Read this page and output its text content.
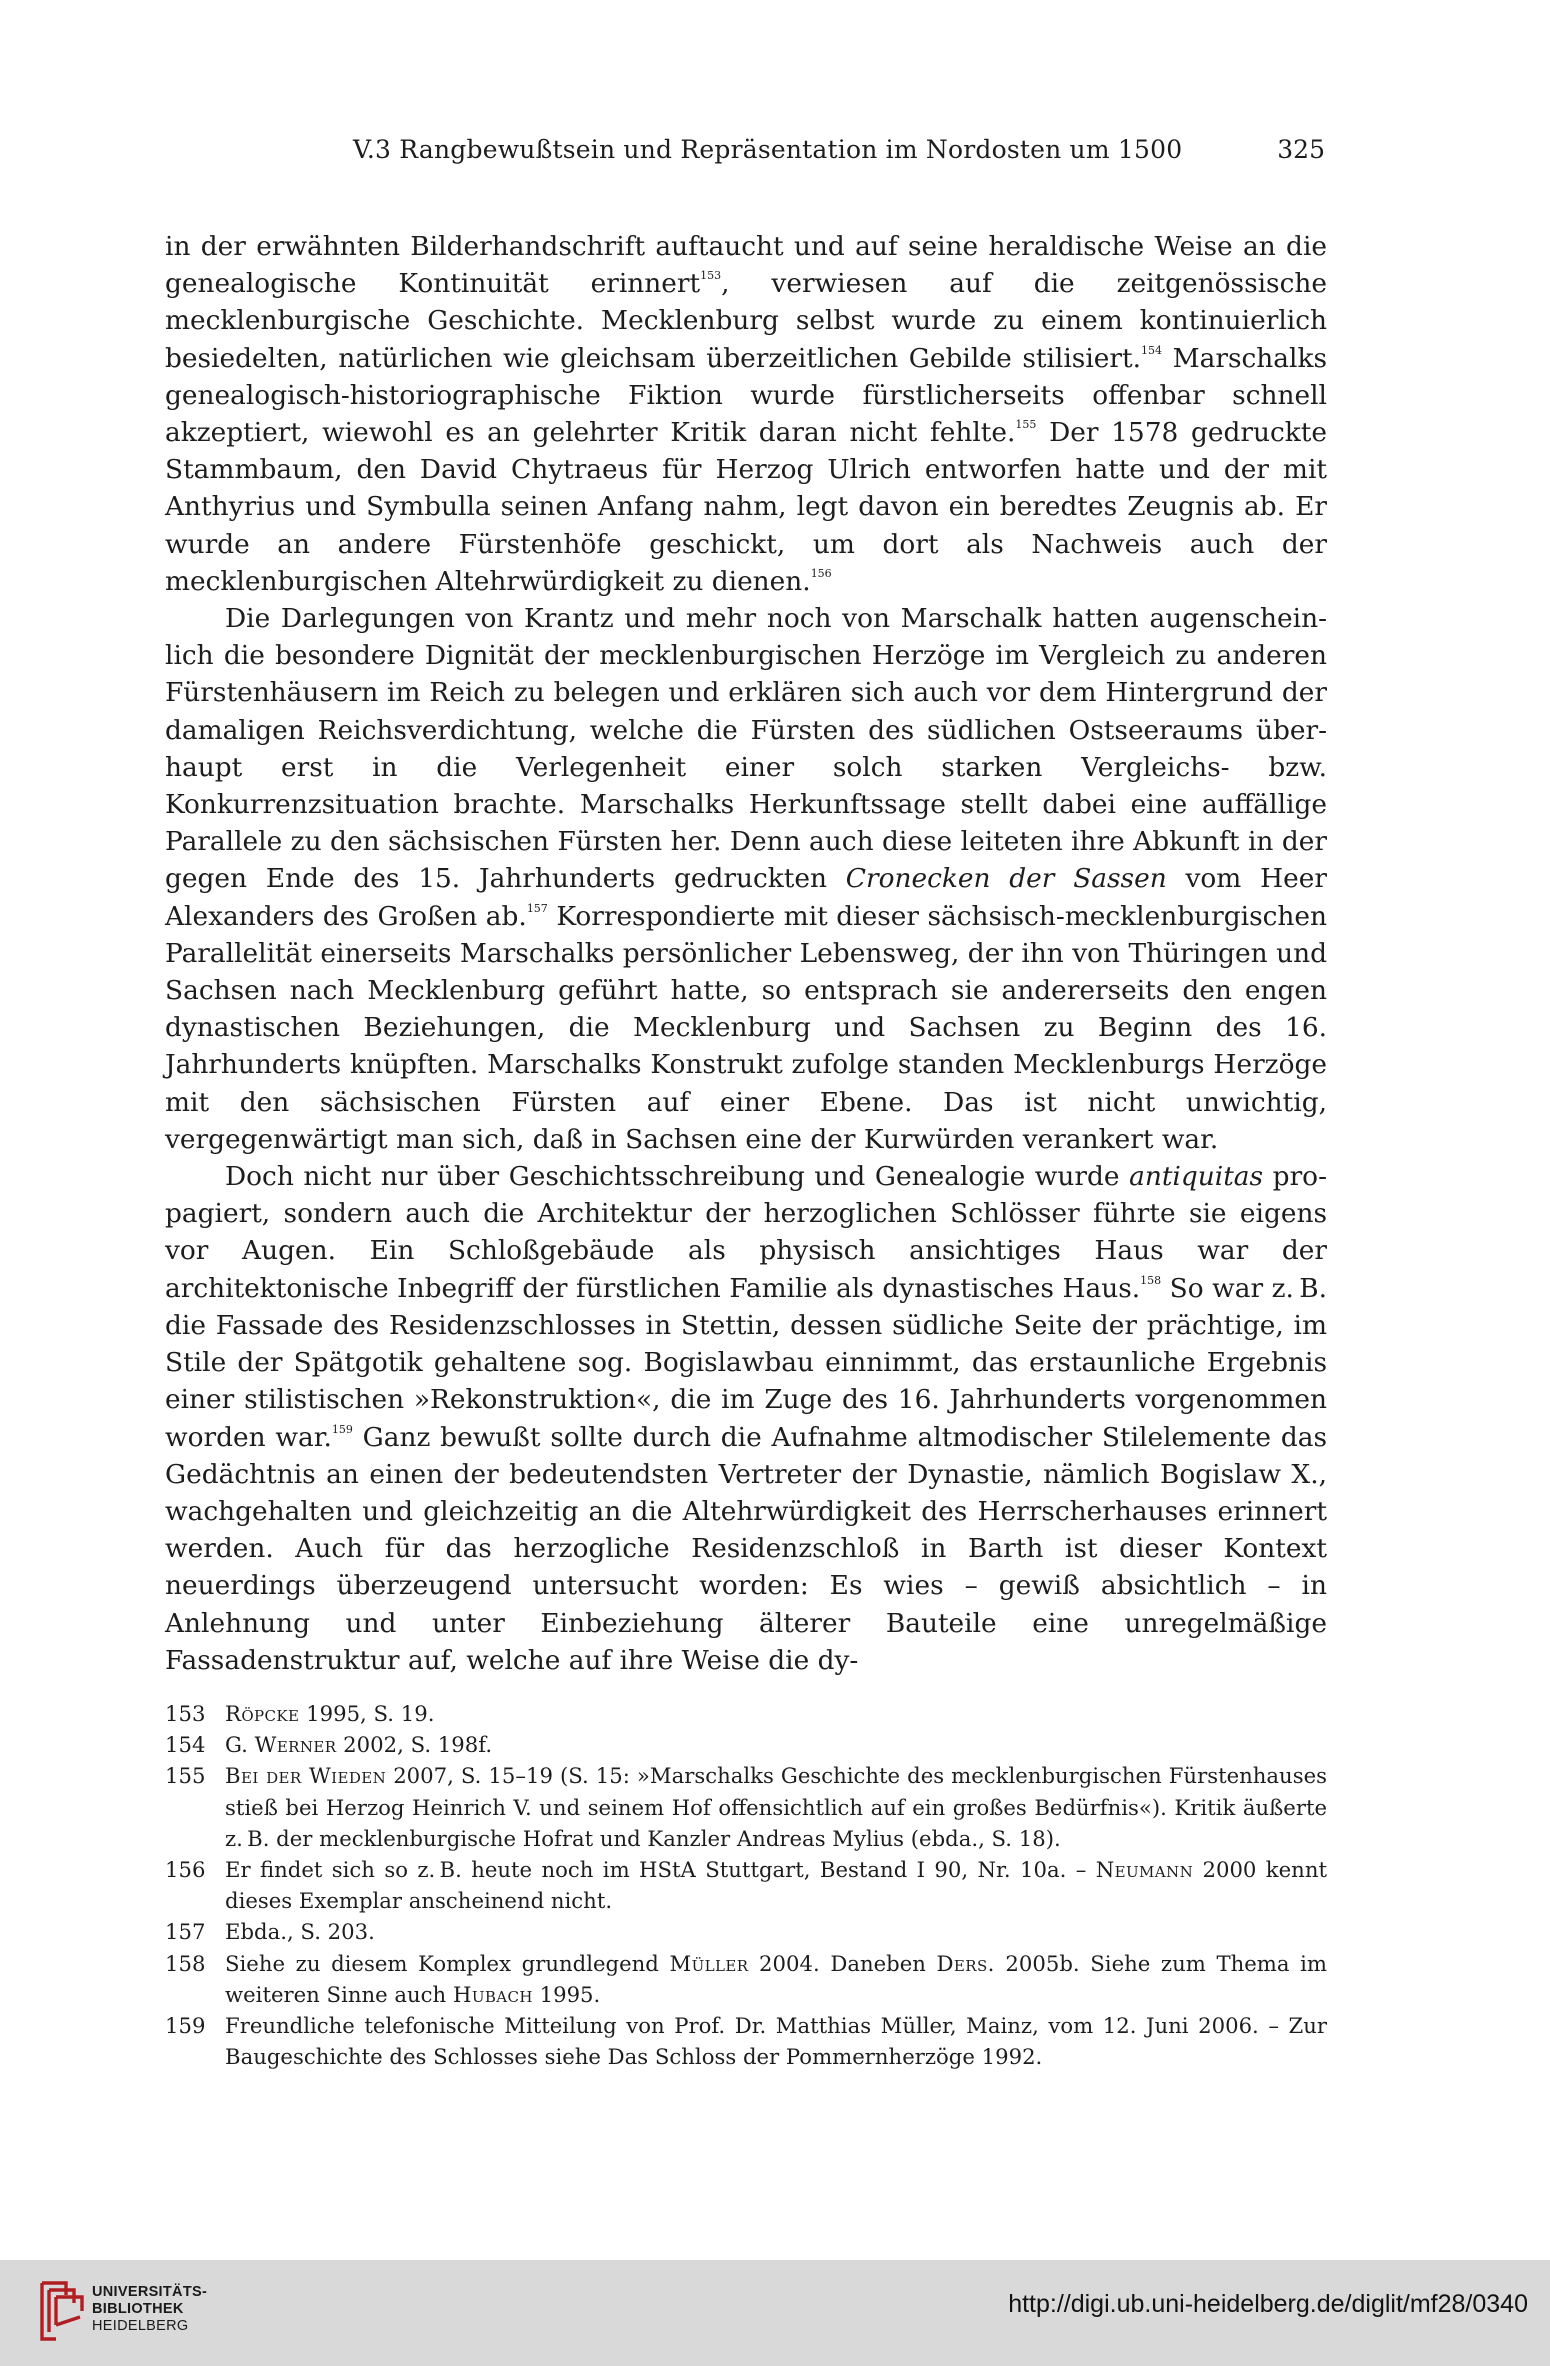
V.3 Rangbewußtsein und Repräsentation im Nordosten um 1500	325

in der erwähnten Bilderhandschrift auftaucht und auf seine heraldische Weise an die genealogische Kontinuität erinnert$^{153}$, verwiesen auf die zeitgenössische mecklenburgische Geschichte. Mecklenburg selbst wurde zu einem kontinuierlich besiedelten, natürlichen wie gleichsam überzeitlichen Gebilde stilisiert.$^{154}$ Marschalks genealogisch-historiographische Fiktion wurde fürstlicherseits offenbar schnell akzeptiert, wiewohl es an gelehrter Kritik daran nicht fehlte.$^{155}$ Der 1578 gedruckte Stammbaum, den David Chytraeus für Herzog Ulrich entworfen hatte und der mit Anthyrius und Symbulla seinen Anfang nahm, legt davon ein beredtes Zeugnis ab. Er wurde an andere Fürstenhöfe geschickt, um dort als Nachweis auch der mecklenburgischen Altehrwürdigkeit zu dienen.$^{156}$

Die Darlegungen von Krantz und mehr noch von Marschalk hatten augenscheinlich die besondere Dignität der mecklenburgischen Herzöge im Vergleich zu anderen Fürstenhäusern im Reich zu belegen und erklären sich auch vor dem Hintergrund der damaligen Reichsverdichtung, welche die Fürsten des südlichen Ostseeraums überhaupt erst in die Verlegenheit einer solch starken Vergleichs- bzw. Konkurrenzsituation brachte. Marschalks Herkunftssage stellt dabei eine auffällige Parallele zu den sächsischen Fürsten her. Denn auch diese leiteten ihre Abkunft in der gegen Ende des 15. Jahrhunderts gedruckten Cronecken der Sassen vom Heer Alexanders des Großen ab.$^{157}$ Korrespondierte mit dieser sächsisch-mecklenburgischen Parallelität einerseits Marschalks persönlicher Lebensweg, der ihn von Thüringen und Sachsen nach Mecklenburg geführt hatte, so entsprach sie andererseits den engen dynastischen Beziehungen, die Mecklenburg und Sachsen zu Beginn des 16. Jahrhunderts knüpften. Marschalks Konstrukt zufolge standen Mecklenburgs Herzöge mit den sächsischen Fürsten auf einer Ebene. Das ist nicht unwichtig, vergegenwärtigt man sich, daß in Sachsen eine der Kurwürden verankert war.

Doch nicht nur über Geschichtsschreibung und Genealogie wurde antiquitas propagiert, sondern auch die Architektur der herzoglichen Schlösser führte sie eigens vor Augen. Ein Schloßgebäude als physisch ansichtiges Haus war der architektonische Inbegriff der fürstlichen Familie als dynastisches Haus.$^{158}$ So war z. B. die Fassade des Residenzschlosses in Stettin, dessen südliche Seite der prächtige, im Stile der Spätgotik gehaltene sog. Bogislawbau einnimmt, das erstaunliche Ergebnis einer stilistischen »Rekonstruktion«, die im Zuge des 16. Jahrhunderts vorgenommen worden war.$^{159}$ Ganz bewußt sollte durch die Aufnahme altmodischer Stilelemente das Gedächtnis an einen der bedeutendsten Vertreter der Dynastie, nämlich Bogislaw X., wachgehalten und gleichzeitig an die Altehrwürdigkeit des Herrscherhauses erinnert werden. Auch für das herzogliche Residenzschloß in Barth ist dieser Kontext neuerdings überzeugend untersucht worden: Es wies – gewiß absichtlich – in Anlehnung und unter Einbeziehung älterer Bauteile eine unregelmäßige Fassadenstruktur auf, welche auf ihre Weise die dy-

153 Röpcke 1995, S. 19.
154 G. Werner 2002, S. 198f.
155 Bei der Wieden 2007, S. 15–19 (S. 15: »Marschalks Geschichte des mecklenburgischen Fürstenhauses stieß bei Herzog Heinrich V. und seinem Hof offensichtlich auf ein großes Bedürfnis«). Kritik äußerte z. B. der mecklenburgische Hofrat und Kanzler Andreas Mylius (ebda., S. 18).
156 Er findet sich so z. B. heute noch im HStA Stuttgart, Bestand I 90, Nr. 10a. – Neumann 2000 kennt dieses Exemplar anscheinend nicht.
157 Ebda., S. 203.
158 Siehe zu diesem Komplex grundlegend Müller 2004. Daneben Ders. 2005b. Siehe zum Thema im weiteren Sinne auch Hubach 1995.
159 Freundliche telefonische Mitteilung von Prof. Dr. Matthias Müller, Mainz, vom 12. Juni 2006. – Zur Baugeschichte des Schlosses siehe Das Schloss der Pommernherzöge 1992.
UNIVERSITÄTS-
BIBLIOTHEK
HEIDELBERG
http://digi.ub.uni-heidelberg.de/diglit/mf28/0340
